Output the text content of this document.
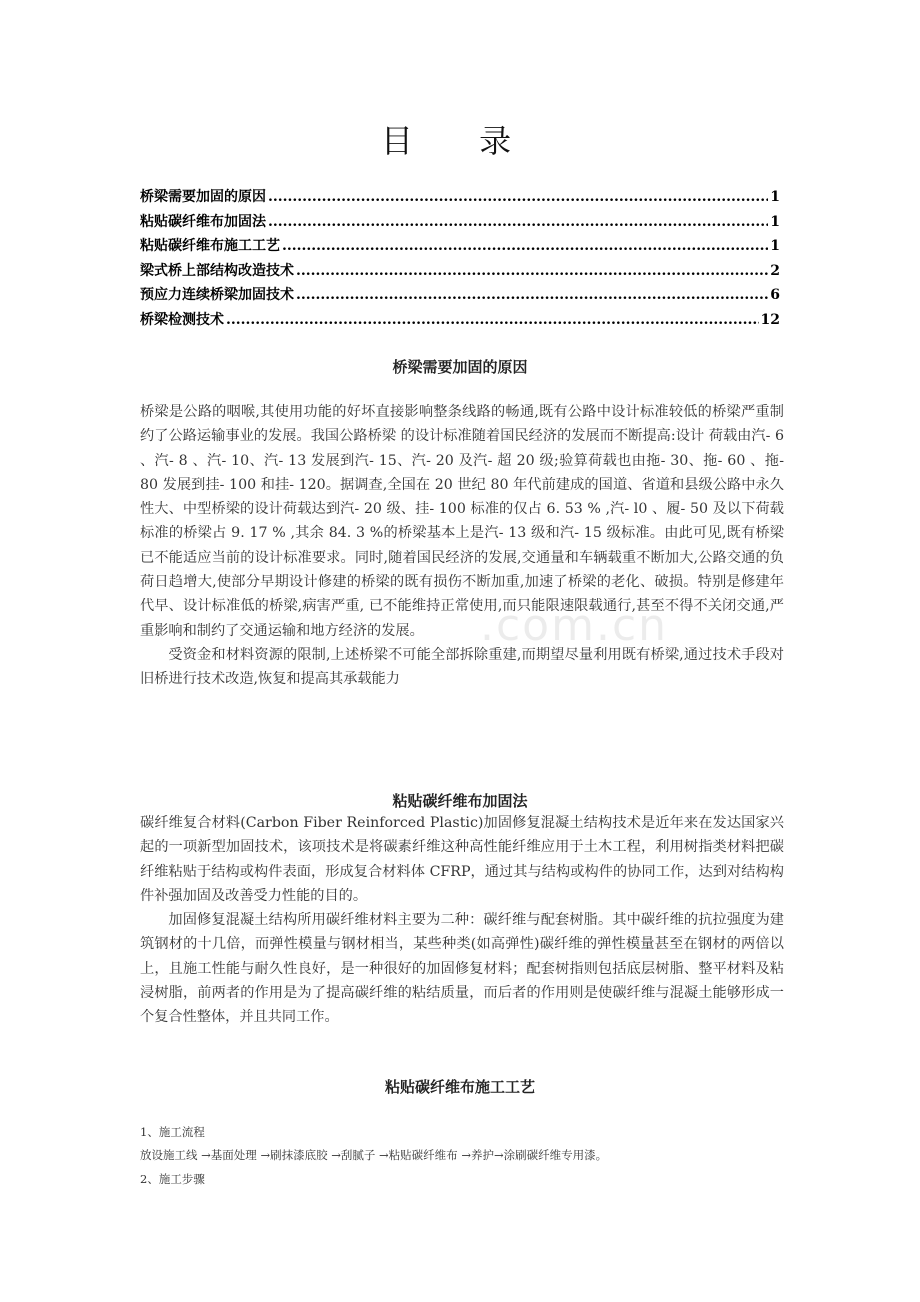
目 录
桥梁需要加固的原因 .....	1
粘贴碳纤维布加固法 .....	1
粘贴碳纤维布施工工艺 .....	1
梁式桥上部结构改造技术 .....	2
预应力连续桥梁加固技术 .....	6
桥梁检测技术 .....	12
桥梁需要加固的原因

桥梁是公路的咽喉,其使用功能的好坏直接影响整条线路的畅通,既有公路中设计标准较低的桥梁严重制约了公路运输事业的发展。我国公路桥梁 的设计标准随着国民经济的发展而不断提高:设计 荷载由汽- 6 、汽- 8 、汽- 10、汽- 13 发展到汽- 15、汽- 20 及汽- 超 20 级;验算荷载也由拖- 30、拖- 60 、拖- 80 发展到挂- 100 和挂- 120。据调查,全国在 20 世纪 80 年代前建成的国道、省道和县级公路中永久性大、中型桥梁的设计荷载达到汽- 20 级、挂- 100 标准的仅占 6. 53 % ,汽- l0 、履- 50 及以下荷载标准的桥梁占 9. 17 % ,其余 84. 3 %的桥梁基本上是汽- 13 级和汽- 15 级标准。由此可见,既有桥梁已不能适应当前的设计标准要求。同时,随着国民经济的发展,交通量和车辆载重不断加大,公路交通的负荷日趋增大,使部分早期设计修建的桥梁的既有损伤不断加重,加速了桥梁的老化、破损。特别是修建年代早、设计标准低的桥梁,病害严重, 已不能维持正常使用,而只能限速限载通行,甚至不得不关闭交通,严重影响和制约了交通运输和地方经济的发展。

受资金和材料资源的限制,上述桥梁不可能全部拆除重建,而期望尽量利用既有桥梁,通过技术手段对旧桥进行技术改造,恢复和提高其承载能力

.com.cn
粘贴碳纤维布加固法

碳纤维复合材料(Carbon Fiber Reinforced Plastic)加固修复混凝土结构技术是近年来在发达国家兴起的一项新型加固技术，该项技术是将碳素纤维这种高性能纤维应用于土木工程，利用树指类材料把碳纤维粘贴于结构或构件表面，形成复合材料体 CFRP，通过其与结构或构件的协同工作，达到对结构构件补强加固及改善受力性能的目的。

加固修复混凝土结构所用碳纤维材料主要为二种：碳纤维与配套树脂。其中碳纤维的抗拉强度为建筑钢材的十几倍，而弹性模量与钢材相当，某些种类(如高弹性)碳纤维的弹性模量甚至在钢材的两倍以上，且施工性能与耐久性良好，是一种很好的加固修复材料；配套树指则包括底层树脂、整平材料及粘浸树脂，前两者的作用是为了提高碳纤维的粘结质量，而后者的作用则是使碳纤维与混凝土能够形成一个复合性整体，并且共同工作。

粘贴碳纤维布施工工艺

1、施工流程

放设施工线 →基面处理 →刷抹漆底胶 →刮腻子 →粘贴碳纤维布 →养护→涂刷碳纤维专用漆。

2、施工步骤
